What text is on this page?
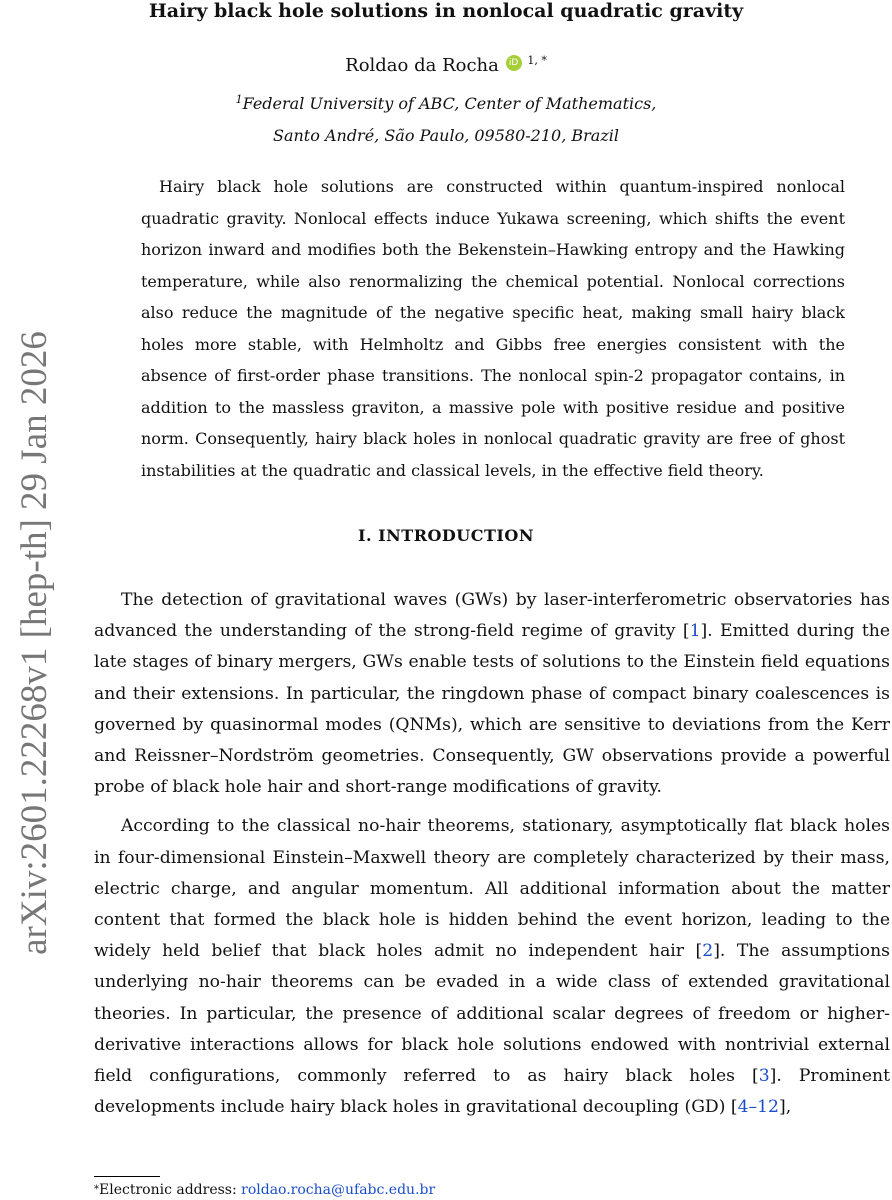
arXiv:2601.22268v1 [hep-th] 29 Jan 2026
Hairy black hole solutions in nonlocal quadratic gravity
Roldao da Rocha iD $^{1, *}$
$^1$Federal University of ABC, Center of Mathematics,
Santo André, São Paulo, 09580-210, Brazil

Hairy black hole solutions are constructed within quantum-inspired nonlocal quadratic gravity. Nonlocal effects induce Yukawa screening, which shifts the event horizon inward and modifies both the Bekenstein–Hawking entropy and the Hawking temperature, while also renormalizing the chemical potential. Nonlocal corrections also reduce the magnitude of the negative specific heat, making small hairy black holes more stable, with Helmholtz and Gibbs free energies consistent with the absence of first-order phase transitions. The nonlocal spin-2 propagator contains, in addition to the massless graviton, a massive pole with positive residue and positive norm. Consequently, hairy black holes in nonlocal quadratic gravity are free of ghost instabilities at the quadratic and classical levels, in the effective field theory.

I. INTRODUCTION

The detection of gravitational waves (GWs) by laser-interferometric observatories has advanced the understanding of the strong-field regime of gravity [1]. Emitted during the late stages of binary mergers, GWs enable tests of solutions to the Einstein field equations and their extensions. In particular, the ringdown phase of compact binary coalescences is governed by quasinormal modes (QNMs), which are sensitive to deviations from the Kerr and Reissner–Nordström geometries. Consequently, GW observations provide a powerful probe of black hole hair and short-range modifications of gravity.

According to the classical no-hair theorems, stationary, asymptotically flat black holes in four-dimensional Einstein–Maxwell theory are completely characterized by their mass, electric charge, and angular momentum. All additional information about the matter content that formed the black hole is hidden behind the event horizon, leading to the widely held belief that black holes admit no independent hair [2]. The assumptions underlying no-hair theorems can be evaded in a wide class of extended gravitational theories. In particular, the presence of additional scalar degrees of freedom or higher-derivative interactions allows for black hole solutions endowed with nontrivial external field configurations, commonly referred to as hairy black holes [3]. Prominent developments include hairy black holes in gravitational decoupling (GD) [4–12],

*Electronic address: roldao.rocha@ufabc.edu.br
